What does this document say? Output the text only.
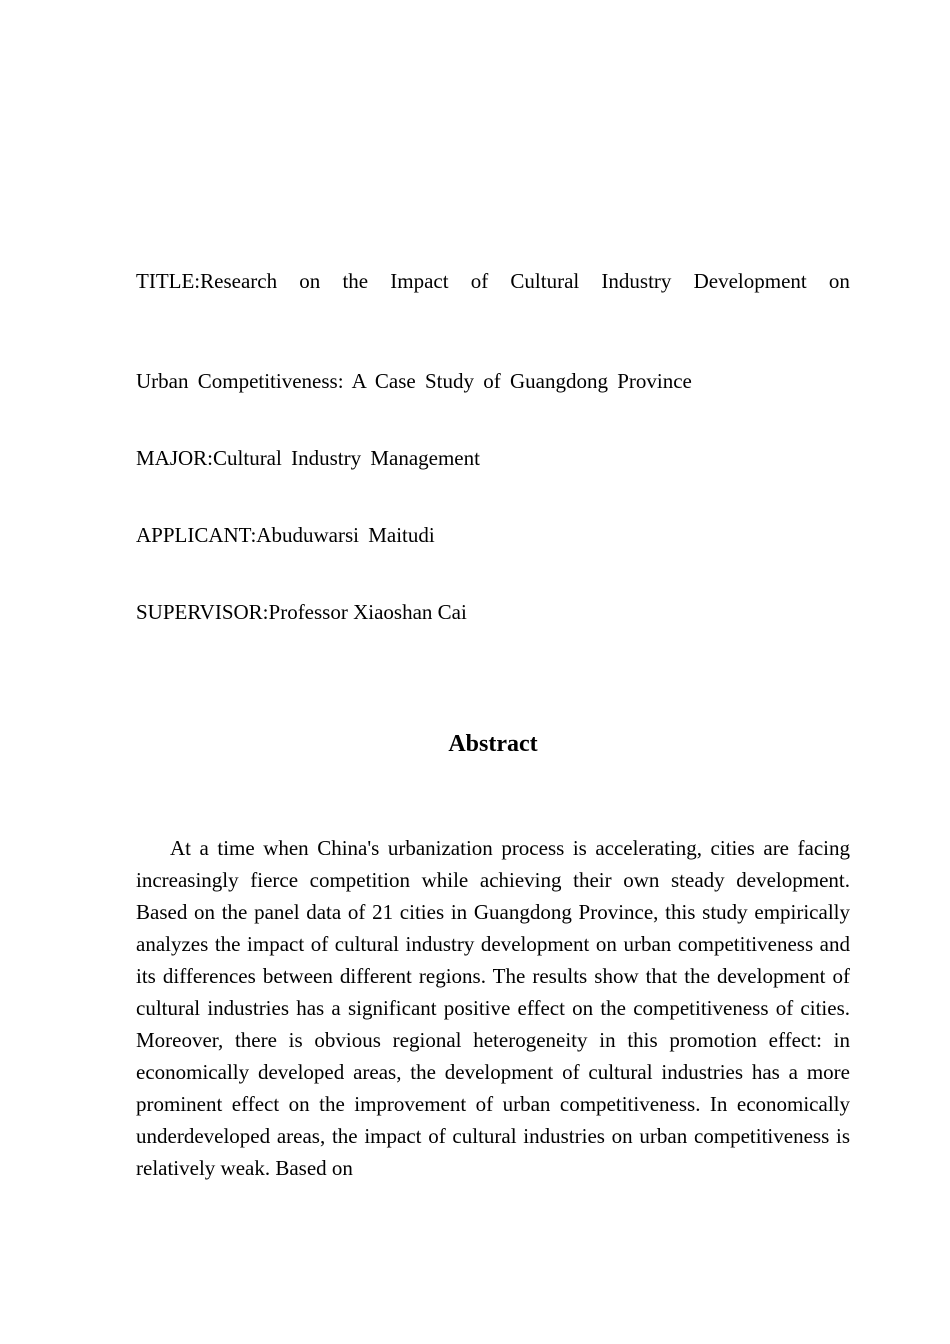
TITLE:Research on the Impact of Cultural Industry Development on
Urban Competitiveness: A Case Study of Guangdong Province
MAJOR:Cultural Industry Management
APPLICANT:Abuduwarsi Maitudi
SUPERVISOR:Professor Xiaoshan Cai
Abstract

At a time when China's urbanization process is accelerating, cities are facing increasingly fierce competition while achieving their own steady development. Based on the panel data of 21 cities in Guangdong Province, this study empirically analyzes the impact of cultural industry development on urban competitiveness and its differences between different regions. The results show that the development of cultural industries has a significant positive effect on the competitiveness of cities. Moreover, there is obvious regional heterogeneity in this promotion effect: in economically developed areas, the development of cultural industries has a more prominent effect on the improvement of urban competitiveness. In economically underdeveloped areas, the impact of cultural industries on urban competitiveness is relatively weak. Based on
